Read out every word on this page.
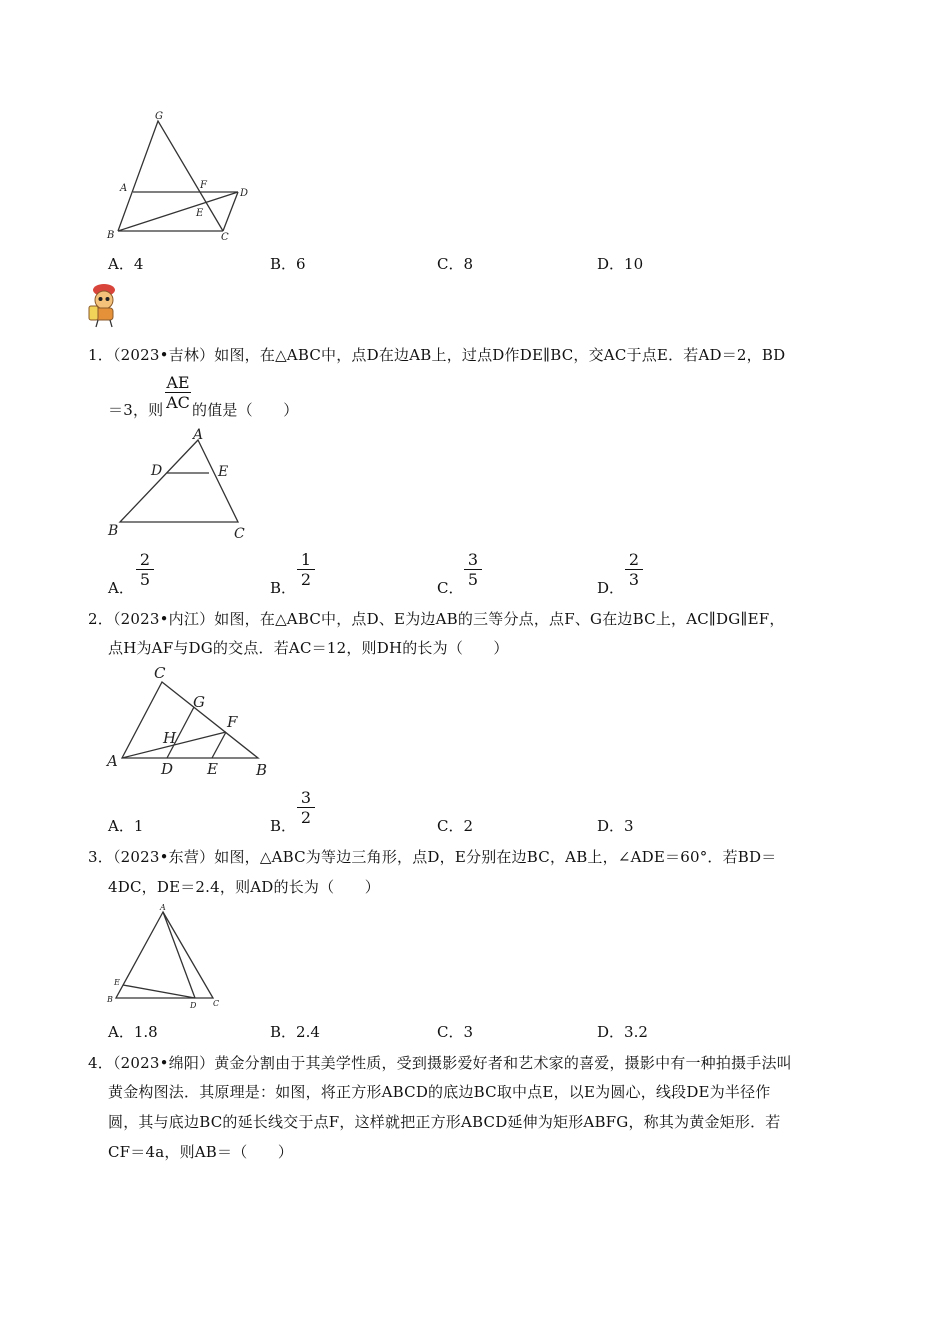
G
A	F
D
E
B	C
A．4	B．6	C．8	D．10
1．（2023•吉林）如图，在△ABC中，点D在边AB上，过点D作DE∥BC，交AC于点E．若AD＝2，BD
＝3，则
AE
AC 的值是（　　）
A
D	E
B	C
A．
2
5	B．
1
2	C．
3
5	D．
2
3
2．（2023•内江）如图，在△ABC中，点D、E为边AB的三等分点，点F、G在边BC上，AC∥DG∥EF，
点H为AF与DG的交点．若AC＝12，则DH的长为（　　）
C
G
F
H
A	D E	B
A．1	B．
3
2	C．2	D．3
3．（2023•东营）如图，△ABC为等边三角形，点D，E分别在边BC，AB上，∠ADE＝60°．若BD＝
4DC，DE＝2.4，则AD的长为（　　）
A
E
B
D C
A．1.8	B．2.4	C．3	D．3.2
4．（2023•绵阳）黄金分割由于其美学性质，受到摄影爱好者和艺术家的喜爱，摄影中有一种拍摄手法叫
黄金构图法．其原理是：如图，将正方形ABCD的底边BC取中点E，以E为圆心，线段DE为半径作
圆，其与底边BC的延长线交于点F，这样就把正方形ABCD延伸为矩形ABFG，称其为黄金矩形．若
CF＝4a，则AB＝（　　）
